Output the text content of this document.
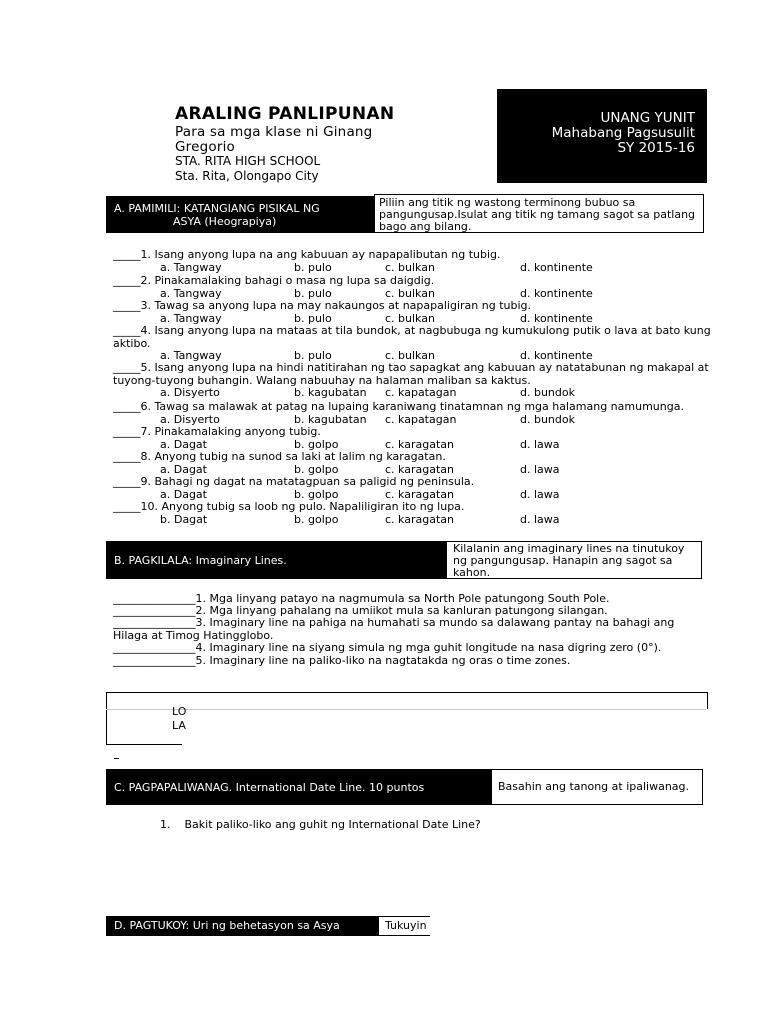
ARALING PANLIPUNAN
Para sa mga klase ni Ginang Gregorio
STA. RITA HIGH SCHOOL
Sta. Rita, Olongapo City
UNANG YUNIT
Mahabang Pagsusulit
SY 2015-16
A. PAMIMILI: KATANGIANG PISIKAL NG
ASYA (Heograpiya)
Piliin ang titik ng wastong terminong bubuo sa pangungusap.Isulat ang titik ng tamang sagot sa patlang bago ang bilang.
_____1. Isang anyong lupa na ang kabuuan ay napapalibutan ng tubig.
a. Tangway	b. pulo	c. bulkan	d. kontinente
_____2. Pinakamalaking bahagi o masa ng lupa sa daigdig.
a. Tangway	b. pulo	c. bulkan	d. kontinente
_____3. Tawag sa anyong lupa na may nakaungos at napapaligiran ng tubig.
a. Tangway	b. pulo	c. bulkan	d. kontinente
_____4. Isang anyong lupa na mataas at tila bundok, at nagbubuga ng kumukulong putik o lava at bato kung
aktibo.
a. Tangway	b. pulo	c. bulkan	d. kontinente
_____5. Isang anyong lupa na hindi natitirahan ng tao sapagkat ang kabuuan ay natatabunan ng makapal at
tuyong-tuyong buhangin. Walang nabuuhay na halaman maliban sa kaktus.
a. Disyerto	b. kagubatan c. kapatagan	d. bundok
_____6. Tawag sa malawak at patag na lupaing karaniwang tinatamnan ng mga halamang namumunga.
a. Disyerto	b. kagubatan c. kapatagan	d. bundok
_____7. Pinakamalaking anyong tubig.
a. Dagat	b. golpo	c. karagatan	d. lawa
_____8. Anyong tubig na sunod sa laki at lalim ng karagatan.
a. Dagat	b. golpo	c. karagatan	d. lawa
_____9. Bahagi ng dagat na matatagpuan sa paligid ng peninsula.
a. Dagat	b. golpo	c. karagatan	d. lawa
_____10. Anyong tubig sa loob ng pulo. Napaliligiran ito ng lupa.
b. Dagat	b. golpo	c. karagatan	d. lawa
B. PAGKILALA: Imaginary Lines.
Kilalanin ang imaginary lines na tinutukoy ng pangungusap. Hanapin ang sagot sa kahon.
_______________1. Mga linyang patayo na nagmumula sa North Pole patungong South Pole.
_______________2. Mga linyang pahalang na umiikot mula sa kanluran patungong silangan.
_______________3. Imaginary line na pahiga na humahati sa mundo sa dalawang pantay na bahagi ang
Hilaga at Timog Hatingglobo.
_______________4. Imaginary line na siyang simula ng mga guhit longitude na nasa digring zero (0°).
_______________5. Imaginary line na paliko-liko na nagtatakda ng oras o time zones.
LO
LA
C. PAGPAPALIWANAG. International Date Line. 10 puntos	Basahin ang tanong at ipaliwanag.
1.    Bakit paliko-liko ang guhit ng International Date Line?
D. PAGTUKOY: Uri ng behetasyon sa Asya	Tukuyin
